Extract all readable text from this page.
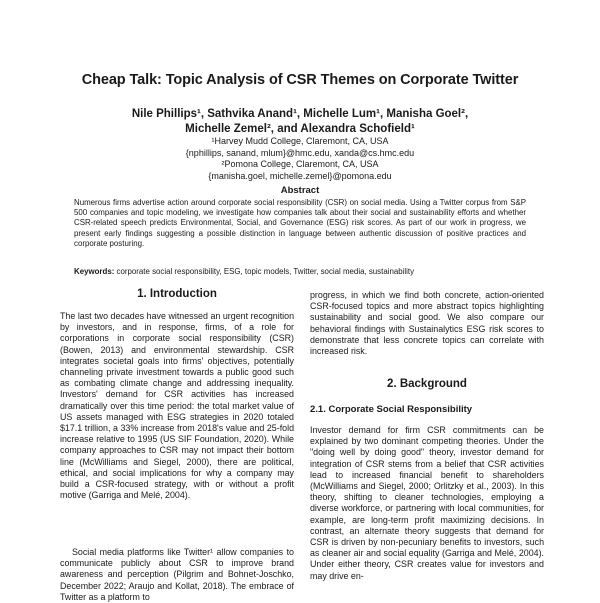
Cheap Talk: Topic Analysis of CSR Themes on Corporate Twitter
Nile Phillips¹, Sathvika Anand¹, Michelle Lum¹, Manisha Goel²,
Michelle Zemel², and Alexandra Schofield¹
¹Harvey Mudd College, Claremont, CA, USA
{nphillips, sanand, mlum}@hmc.edu, xanda@cs.hmc.edu
²Pomona College, Claremont, CA, USA
{manisha.goel, michelle.zemel}@pomona.edu
Abstract
Numerous firms advertise action around corporate social responsibility (CSR) on social media. Using a Twitter corpus from S&P 500 companies and topic modeling, we investigate how companies talk about their social and sustainability efforts and whether CSR-related speech predicts Environmental, Social, and Governance (ESG) risk scores. As part of our work in progress, we present early findings suggesting a possible distinction in language between authentic discussion of positive practices and corporate posturing.
Keywords: corporate social responsibility, ESG, topic models, Twitter, social media, sustainability
1. Introduction
The last two decades have witnessed an urgent recognition by investors, and in response, firms, of a role for corporations in corporate social responsibility (CSR) (Bowen, 2013) and environmental stewardship. CSR integrates societal goals into firms' objectives, potentially channeling private investment towards a public good such as combating climate change and addressing inequality. Investors' demand for CSR activities has increased dramatically over this time period: the total market value of US assets managed with ESG strategies in 2020 totaled $17.1 trillion, a 33% increase from 2018's value and 25-fold increase relative to 1995 (US SIF Foundation, 2020). While company approaches to CSR may not impact their bottom line (McWilliams and Siegel, 2000), there are political, ethical, and social implications for why a company may build a CSR-focused strategy, with or without a profit motive (Garriga and Melé, 2004).
Social media platforms like Twitter¹ allow companies to communicate publicly about CSR to improve brand awareness and perception (Pilgrim and Bohnet-Joschko, December 2022; Araujo and Kollat, 2018). The embrace of Twitter as a platform to
progress, in which we find both concrete, action-oriented CSR-focused topics and more abstract topics highlighting sustainability and social good. We also compare our behavioral findings with Sustainalytics ESG risk scores to demonstrate that less concrete topics can correlate with increased risk.
2. Background
2.1. Corporate Social Responsibility
Investor demand for firm CSR commitments can be explained by two dominant competing theories. Under the "doing well by doing good" theory, investor demand for integration of CSR stems from a belief that CSR activities lead to increased financial benefit to shareholders (McWilliams and Siegel, 2000; Orlitzky et al., 2003). In this theory, shifting to cleaner technologies, employing a diverse workforce, or partnering with local communities, for example, are long-term profit maximizing decisions. In contrast, an alternate theory suggests that demand for CSR is driven by non-pecuniary benefits to investors, such as cleaner air and social equality (Garriga and Melé, 2004). Under either theory, CSR creates value for investors and may drive en-
